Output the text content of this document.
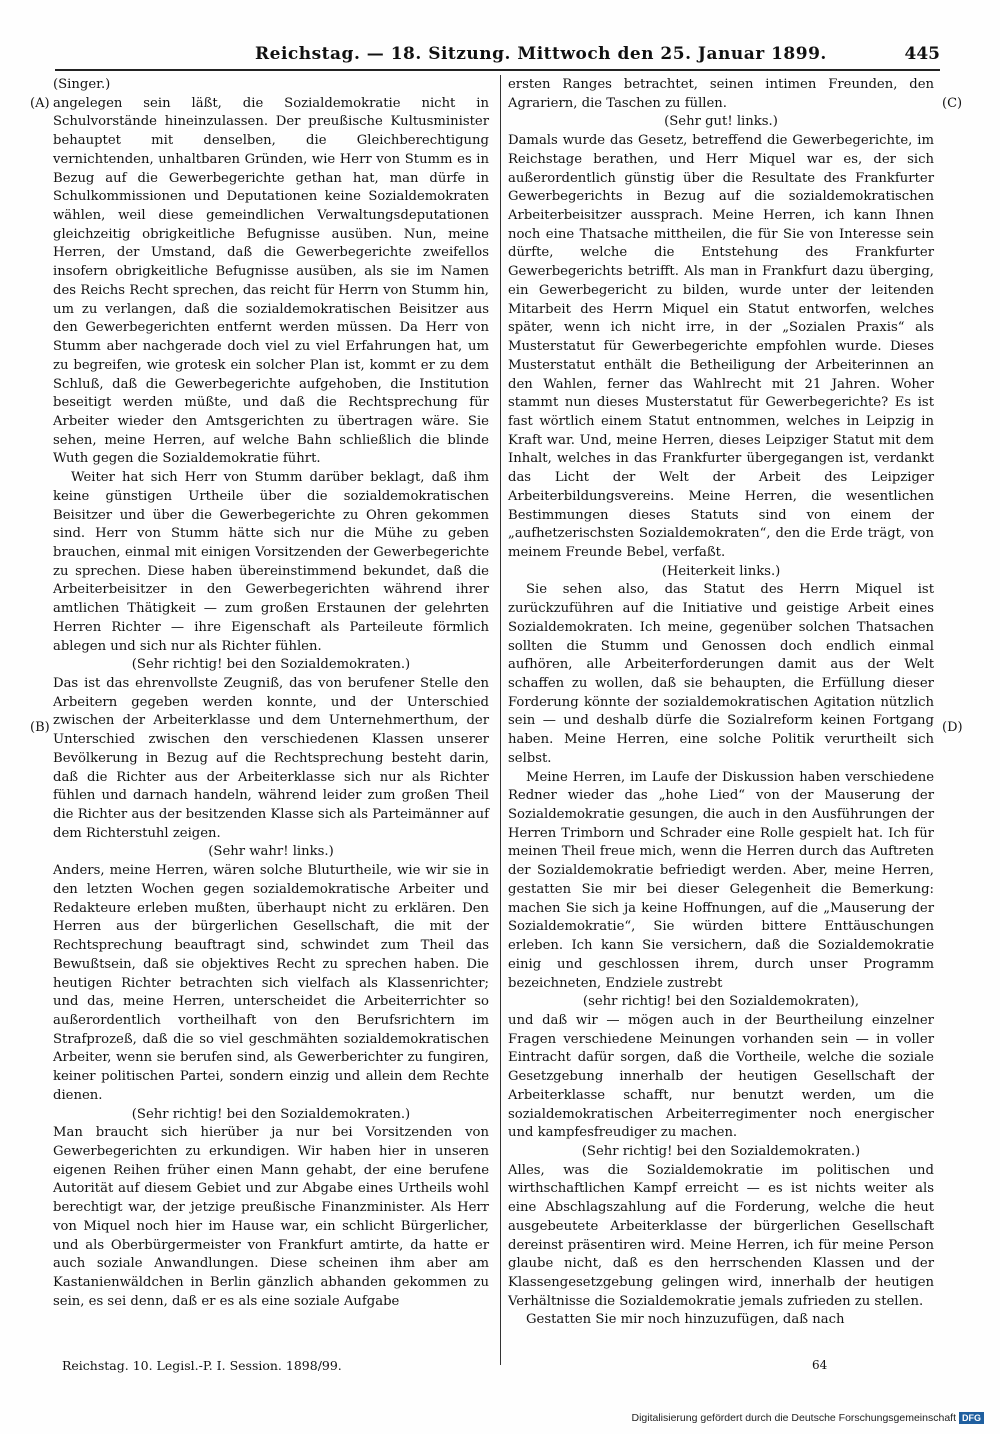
Reichstag. — 18. Sitzung. Mittwoch den 25. Januar 1899.	445
(A)
(B)
(C)
(D)

(Singer.)

angelegen sein läßt, die Sozialdemokratie nicht in Schulvorstände hineinzulassen. Der preußische Kultusminister behauptet mit denselben, die Gleichberechtigung vernichtenden, unhaltbaren Gründen, wie Herr von Stumm es in Bezug auf die Gewerbegerichte gethan hat, man dürfe in Schulkommissionen und Deputationen keine Sozialdemokraten wählen, weil diese gemeindlichen Verwaltungsdeputationen gleichzeitig obrigkeitliche Befugnisse ausüben. Nun, meine Herren, der Umstand, daß die Gewerbegerichte zweifellos insofern obrigkeitliche Befugnisse ausüben, als sie im Namen des Reichs Recht sprechen, das reicht für Herrn von Stumm hin, um zu verlangen, daß die sozialdemokratischen Beisitzer aus den Gewerbegerichten entfernt werden müssen. Da Herr von Stumm aber nachgerade doch viel zu viel Erfahrungen hat, um zu begreifen, wie grotesk ein solcher Plan ist, kommt er zu dem Schluß, daß die Gewerbegerichte aufgehoben, die Institution beseitigt werden müßte, und daß die Rechtsprechung für Arbeiter wieder den Amtsgerichten zu übertragen wäre. Sie sehen, meine Herren, auf welche Bahn schließlich die blinde Wuth gegen die Sozialdemokratie führt.

Weiter hat sich Herr von Stumm darüber beklagt, daß ihm keine günstigen Urtheile über die sozialdemokratischen Beisitzer und über die Gewerbegerichte zu Ohren gekommen sind. Herr von Stumm hätte sich nur die Mühe zu geben brauchen, einmal mit einigen Vorsitzenden der Gewerbegerichte zu sprechen. Diese haben übereinstimmend bekundet, daß die Arbeiterbeisitzer in den Gewerbegerichten während ihrer amtlichen Thätigkeit — zum großen Erstaunen der gelehrten Herren Richter — ihre Eigenschaft als Parteileute förmlich ablegen und sich nur als Richter fühlen.

(Sehr richtig! bei den Sozialdemokraten.)

Das ist das ehrenvollste Zeugniß, das von berufener Stelle den Arbeitern gegeben werden konnte, und der Unterschied zwischen der Arbeiterklasse und dem Unternehmerthum, der Unterschied zwischen den verschiedenen Klassen unserer Bevölkerung in Bezug auf die Rechtsprechung besteht darin, daß die Richter aus der Arbeiterklasse sich nur als Richter fühlen und darnach handeln, während leider zum großen Theil die Richter aus der besitzenden Klasse sich als Parteimänner auf dem Richterstuhl zeigen.

(Sehr wahr! links.)

Anders, meine Herren, wären solche Bluturtheile, wie wir sie in den letzten Wochen gegen sozialdemokratische Arbeiter und Redakteure erleben mußten, überhaupt nicht zu erklären. Den Herren aus der bürgerlichen Gesellschaft, die mit der Rechtsprechung beauftragt sind, schwindet zum Theil das Bewußtsein, daß sie objektives Recht zu sprechen haben. Die heutigen Richter betrachten sich vielfach als Klassenrichter; und das, meine Herren, unterscheidet die Arbeiterrichter so außerordentlich vortheilhaft von den Berufsrichtern im Strafprozeß, daß die so viel geschmähten sozialdemokratischen Arbeiter, wenn sie berufen sind, als Gewerberichter zu fungiren, keiner politischen Partei, sondern einzig und allein dem Rechte dienen.

(Sehr richtig! bei den Sozialdemokraten.)

Man braucht sich hierüber ja nur bei Vorsitzenden von Gewerbegerichten zu erkundigen. Wir haben hier in unseren eigenen Reihen früher einen Mann gehabt, der eine berufene Autorität auf diesem Gebiet und zur Abgabe eines Urtheils wohl berechtigt war, der jetzige preußische Finanzminister. Als Herr von Miquel noch hier im Hause war, ein schlicht Bürgerlicher, und als Oberbürgermeister von Frankfurt amtirte, da hatte er auch soziale Anwandlungen. Diese scheinen ihm aber am Kastanienwäldchen in Berlin gänzlich abhanden gekommen zu sein, es sei denn, daß er es als eine soziale Aufgabe

ersten Ranges betrachtet, seinen intimen Freunden, den Agrariern, die Taschen zu füllen.

(Sehr gut! links.)

Damals wurde das Gesetz, betreffend die Gewerbegerichte, im Reichstage berathen, und Herr Miquel war es, der sich außerordentlich günstig über die Resultate des Frankfurter Gewerbegerichts in Bezug auf die sozialdemokratischen Arbeiterbeisitzer aussprach. Meine Herren, ich kann Ihnen noch eine Thatsache mittheilen, die für Sie von Interesse sein dürfte, welche die Entstehung des Frankfurter Gewerbegerichts betrifft. Als man in Frankfurt dazu überging, ein Gewerbegericht zu bilden, wurde unter der leitenden Mitarbeit des Herrn Miquel ein Statut entworfen, welches später, wenn ich nicht irre, in der „Sozialen Praxis“ als Musterstatut für Gewerbegerichte empfohlen wurde. Dieses Musterstatut enthält die Betheiligung der Arbeiterinnen an den Wahlen, ferner das Wahlrecht mit 21 Jahren. Woher stammt nun dieses Musterstatut für Gewerbegerichte? Es ist fast wörtlich einem Statut entnommen, welches in Leipzig in Kraft war. Und, meine Herren, dieses Leipziger Statut mit dem Inhalt, welches in das Frankfurter übergegangen ist, verdankt das Licht der Welt der Arbeit des Leipziger Arbeiterbildungsvereins. Meine Herren, die wesentlichen Bestimmungen dieses Statuts sind von einem der „aufhetzerischsten Sozialdemokraten“, den die Erde trägt, von meinem Freunde Bebel, verfaßt.

(Heiterkeit links.)

Sie sehen also, das Statut des Herrn Miquel ist zurückzuführen auf die Initiative und geistige Arbeit eines Sozialdemokraten. Ich meine, gegenüber solchen Thatsachen sollten die Stumm und Genossen doch endlich einmal aufhören, alle Arbeiterforderungen damit aus der Welt schaffen zu wollen, daß sie behaupten, die Erfüllung dieser Forderung könnte der sozialdemokratischen Agitation nützlich sein — und deshalb dürfe die Sozialreform keinen Fortgang haben. Meine Herren, eine solche Politik verurtheilt sich selbst.

Meine Herren, im Laufe der Diskussion haben verschiedene Redner wieder das „hohe Lied“ von der Mauserung der Sozialdemokratie gesungen, die auch in den Ausführungen der Herren Trimborn und Schrader eine Rolle gespielt hat. Ich für meinen Theil freue mich, wenn die Herren durch das Auftreten der Sozialdemokratie befriedigt werden. Aber, meine Herren, gestatten Sie mir bei dieser Gelegenheit die Bemerkung: machen Sie sich ja keine Hoffnungen, auf die „Mauserung der Sozialdemokratie“, Sie würden bittere Enttäuschungen erleben. Ich kann Sie versichern, daß die Sozialdemokratie einig und geschlossen ihrem, durch unser Programm bezeichneten, Endziele zustrebt

(sehr richtig! bei den Sozialdemokraten),

und daß wir — mögen auch in der Beurtheilung einzelner Fragen verschiedene Meinungen vorhanden sein — in voller Eintracht dafür sorgen, daß die Vortheile, welche die soziale Gesetzgebung innerhalb der heutigen Gesellschaft der Arbeiterklasse schafft, nur benutzt werden, um die sozialdemokratischen Arbeiterregimenter noch energischer und kampfesfreudiger zu machen.

(Sehr richtig! bei den Sozialdemokraten.)

Alles, was die Sozialdemokratie im politischen und wirthschaftlichen Kampf erreicht — es ist nichts weiter als eine Abschlagszahlung auf die Forderung, welche die heut ausgebeutete Arbeiterklasse der bürgerlichen Gesellschaft dereinst präsentiren wird. Meine Herren, ich für meine Person glaube nicht, daß es den herrschenden Klassen und der Klassengesetzgebung gelingen wird, innerhalb der heutigen Verhältnisse die Sozialdemokratie jemals zufrieden zu stellen.

Gestatten Sie mir noch hinzuzufügen, daß nach

Reichstag. 10. Legisl.-P. I. Session. 1898/99.	64
Digitalisierung gefördert durch die Deutsche Forschungsgemeinschaft DFG
